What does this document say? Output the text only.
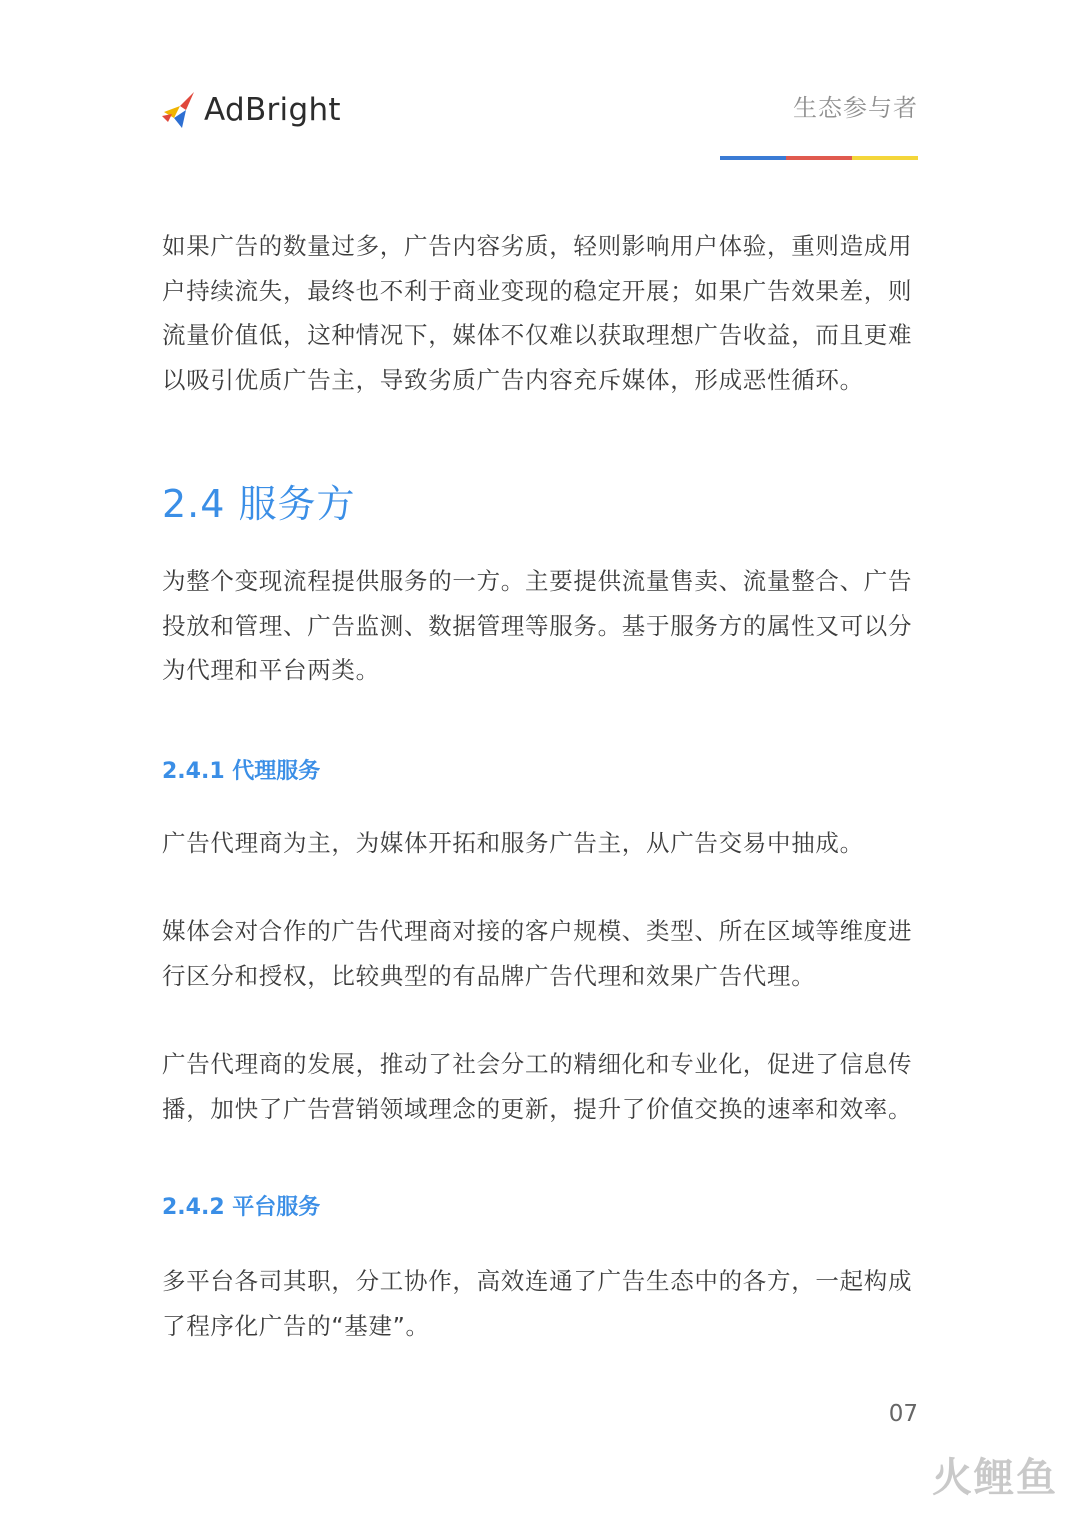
AdBright	生态参与者

如果广告的数量过多，广告内容劣质，轻则影响用户体验，重则造成用户持续流失，最终也不利于商业变现的稳定开展；如果广告效果差，则流量价值低，这种情况下，媒体不仅难以获取理想广告收益，而且更难以吸引优质广告主，导致劣质广告内容充斥媒体，形成恶性循环。

2.4 服务方

为整个变现流程提供服务的一方。主要提供流量售卖、流量整合、广告投放和管理、广告监测、数据管理等服务。基于服务方的属性又可以分为代理和平台两类。

2.4.1 代理服务

广告代理商为主，为媒体开拓和服务广告主，从广告交易中抽成。

媒体会对合作的广告代理商对接的客户规模、类型、所在区域等维度进行区分和授权，比较典型的有品牌广告代理和效果广告代理。

广告代理商的发展，推动了社会分工的精细化和专业化，促进了信息传播，加快了广告营销领域理念的更新，提升了价值交换的速率和效率。

2.4.2 平台服务

多平台各司其职，分工协作，高效连通了广告生态中的各方，一起构成了程序化广告的“基建”。

07
火鲤鱼
